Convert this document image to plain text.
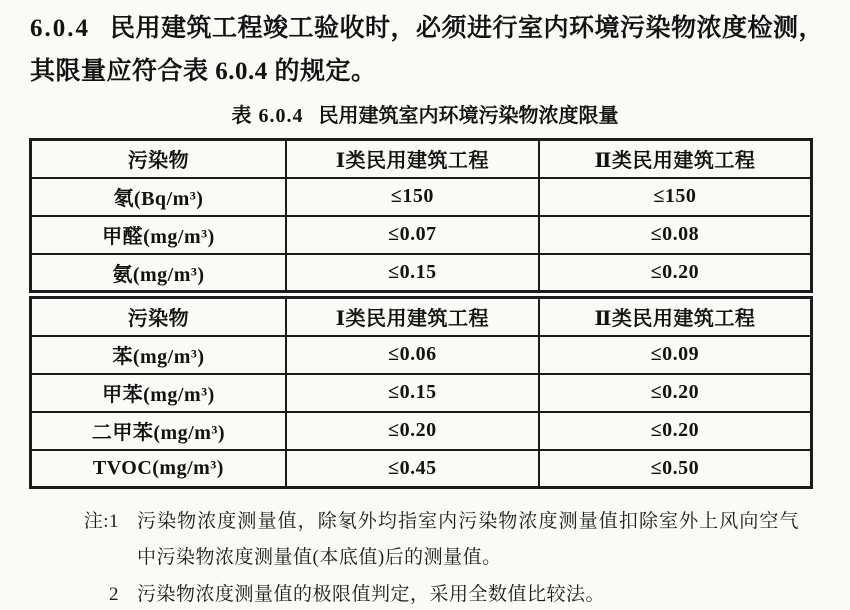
6.0.4 民用建筑工程竣工验收时，必须进行室内环境污染物浓度检测，其限量应符合表 6.0.4 的规定。

表 6.0.4 民用建筑室内环境污染物浓度限量
污染物	Ⅰ类民用建筑工程	Ⅱ类民用建筑工程
氡(Bq/m³)	≤150	≤150
甲醛(mg/m³)	≤0.07	≤0.08
氨(mg/m³)	≤0.15	≤0.20
污染物	Ⅰ类民用建筑工程	Ⅱ类民用建筑工程
苯(mg/m³)	≤0.06	≤0.09
甲苯(mg/m³)	≤0.15	≤0.20
二甲苯(mg/m³)	≤0.20	≤0.20
TVOC(mg/m³)	≤0.45	≤0.50
注:1 污染物浓度测量值，除氡外均指室内污染物浓度测量值扣除室外上风向空气中污染物浓度测量值(本底值)后的测量值。
2 污染物浓度测量值的极限值判定，采用全数值比较法。
